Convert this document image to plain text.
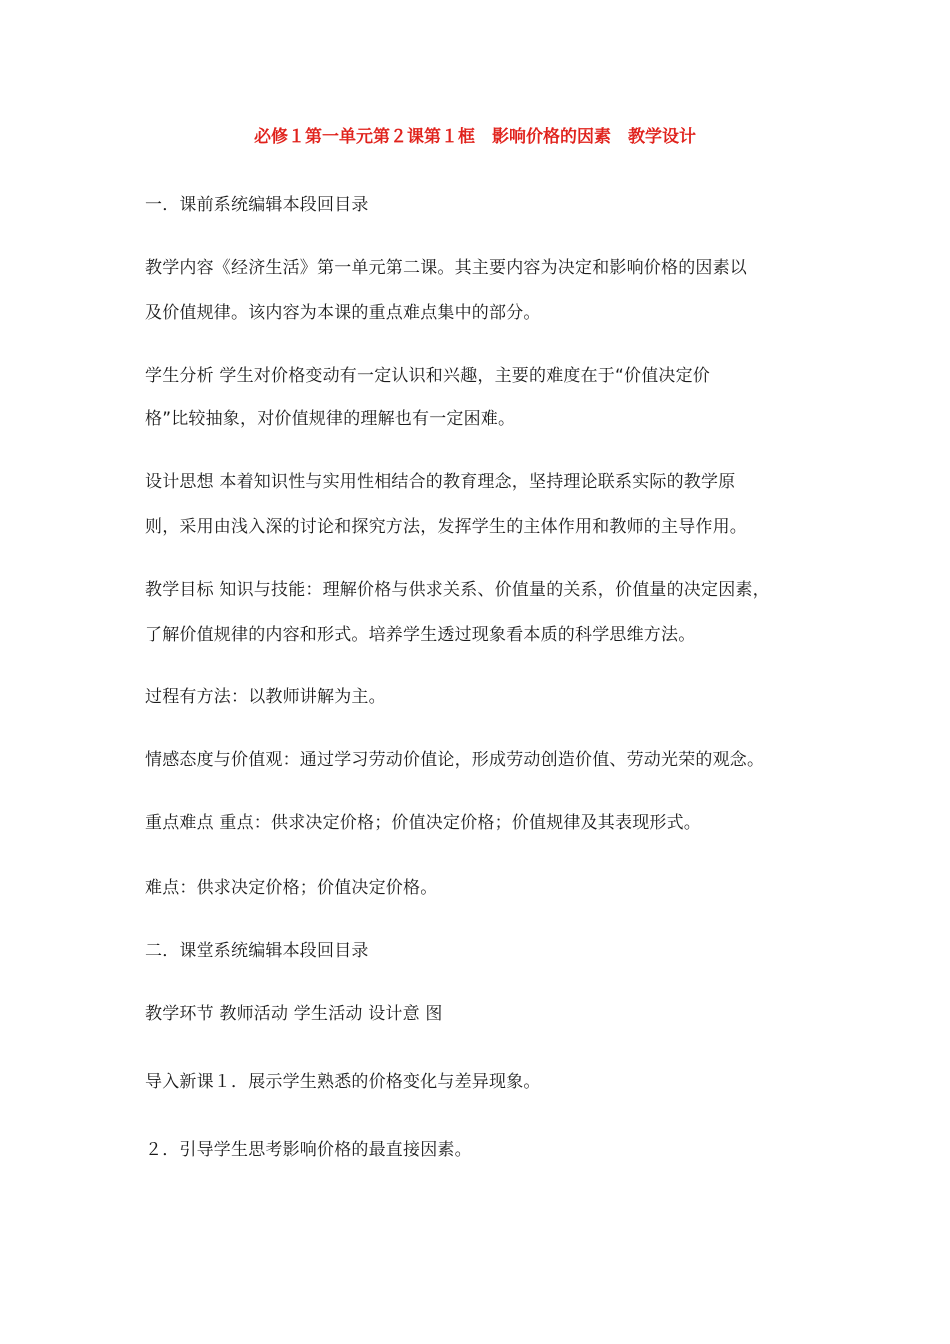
必修１第一单元第２课第１框　影响价格的因素　教学设计
一．课前系统编辑本段回目录
教学内容《经济生活》第一单元第二课。其主要内容为决定和影响价格的因素以
及价值规律。该内容为本课的重点难点集中的部分。
学生分析 学生对价格变动有一定认识和兴趣，主要的难度在于“价值决定价
格”比较抽象，对价值规律的理解也有一定困难。
设计思想 本着知识性与实用性相结合的教育理念，坚持理论联系实际的教学原
则，采用由浅入深的讨论和探究方法，发挥学生的主体作用和教师的主导作用。
教学目标 知识与技能：理解价格与供求关系、价值量的关系，价值量的决定因素，
了解价值规律的内容和形式。培养学生透过现象看本质的科学思维方法。
过程有方法：以教师讲解为主。
情感态度与价值观：通过学习劳动价值论，形成劳动创造价值、劳动光荣的观念。
重点难点 重点：供求决定价格；价值决定价格；价值规律及其表现形式。
难点：供求决定价格；价值决定价格。
二．课堂系统编辑本段回目录
教学环节 教师活动 学生活动 设计意 图
导入新课１．展示学生熟悉的价格变化与差异现象。
２．引导学生思考影响价格的最直接因素。
